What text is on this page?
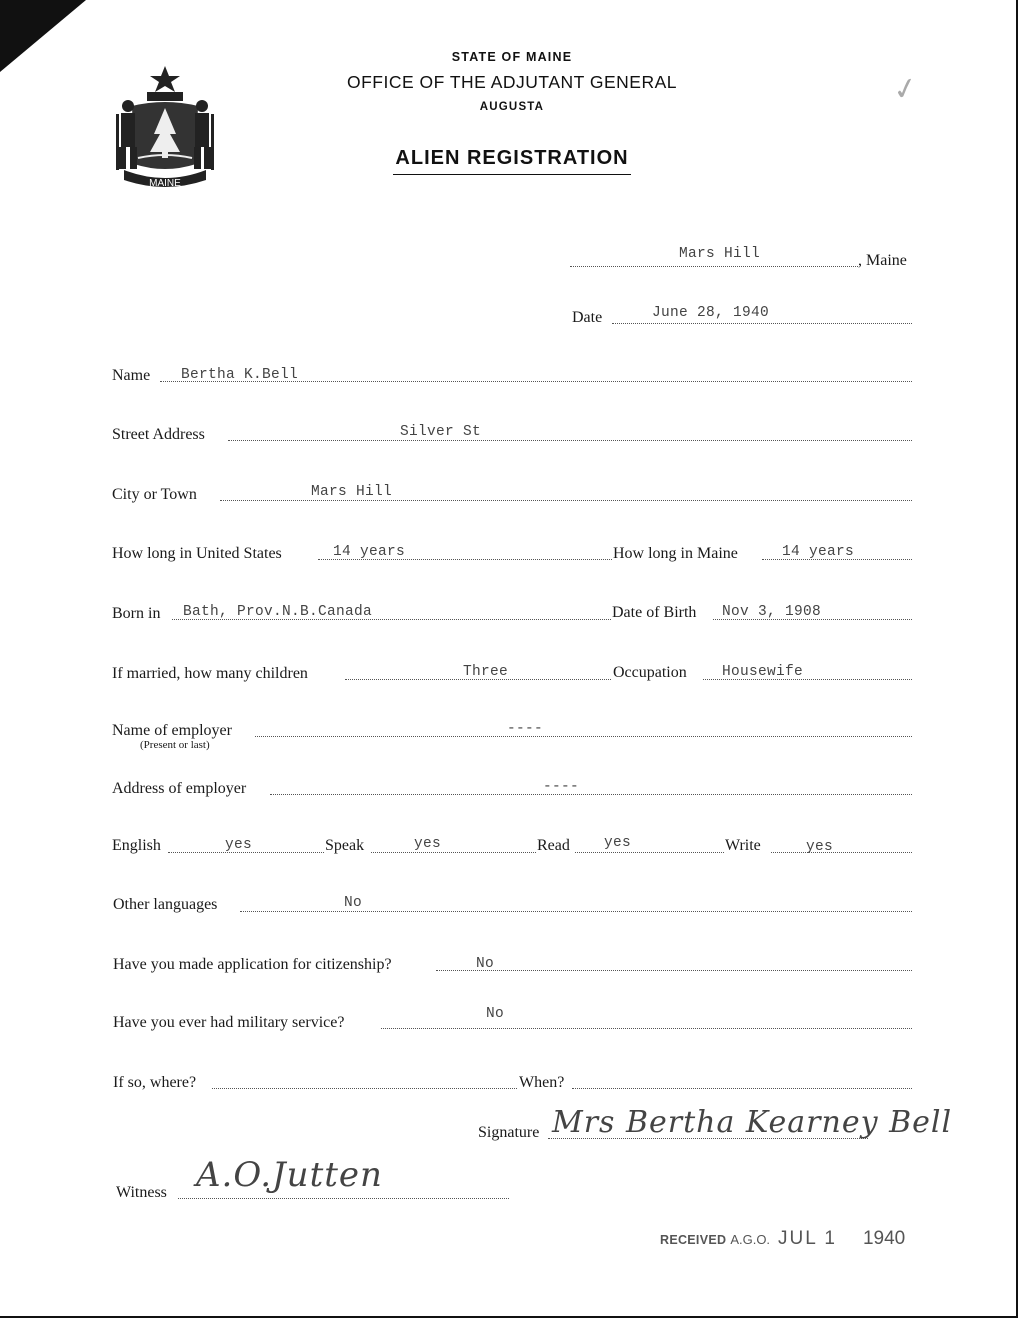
MAINE
STATE OF MAINE
OFFICE OF THE ADJUTANT GENERAL
AUGUSTA
ALIEN REGISTRATION
✓
Mars Hill	, Maine
Date	June 28, 1940
Name Bertha K.Bell
Street Address	Silver St
City or Town	Mars Hill
How long in United States	14 years	How long in Maine	14 years
Born in Bath, Prov.N.B.Canada	Date of Birth Nov 3, 1908
If married, how many children	Three	Occupation Housewife
Name of employer
(Present or last)
----
Address of employer	----
English	yes	Speak	yes	Read yes	Write	yes
Other languages	No
Have you made application for citizenship?	No
Have you ever had military service?	No
If so, where?	When?
Signature Mrs Bertha Kearney Bell
Witness A.O.Jutten
RECEIVED A.G.O. JUL 1 1940
